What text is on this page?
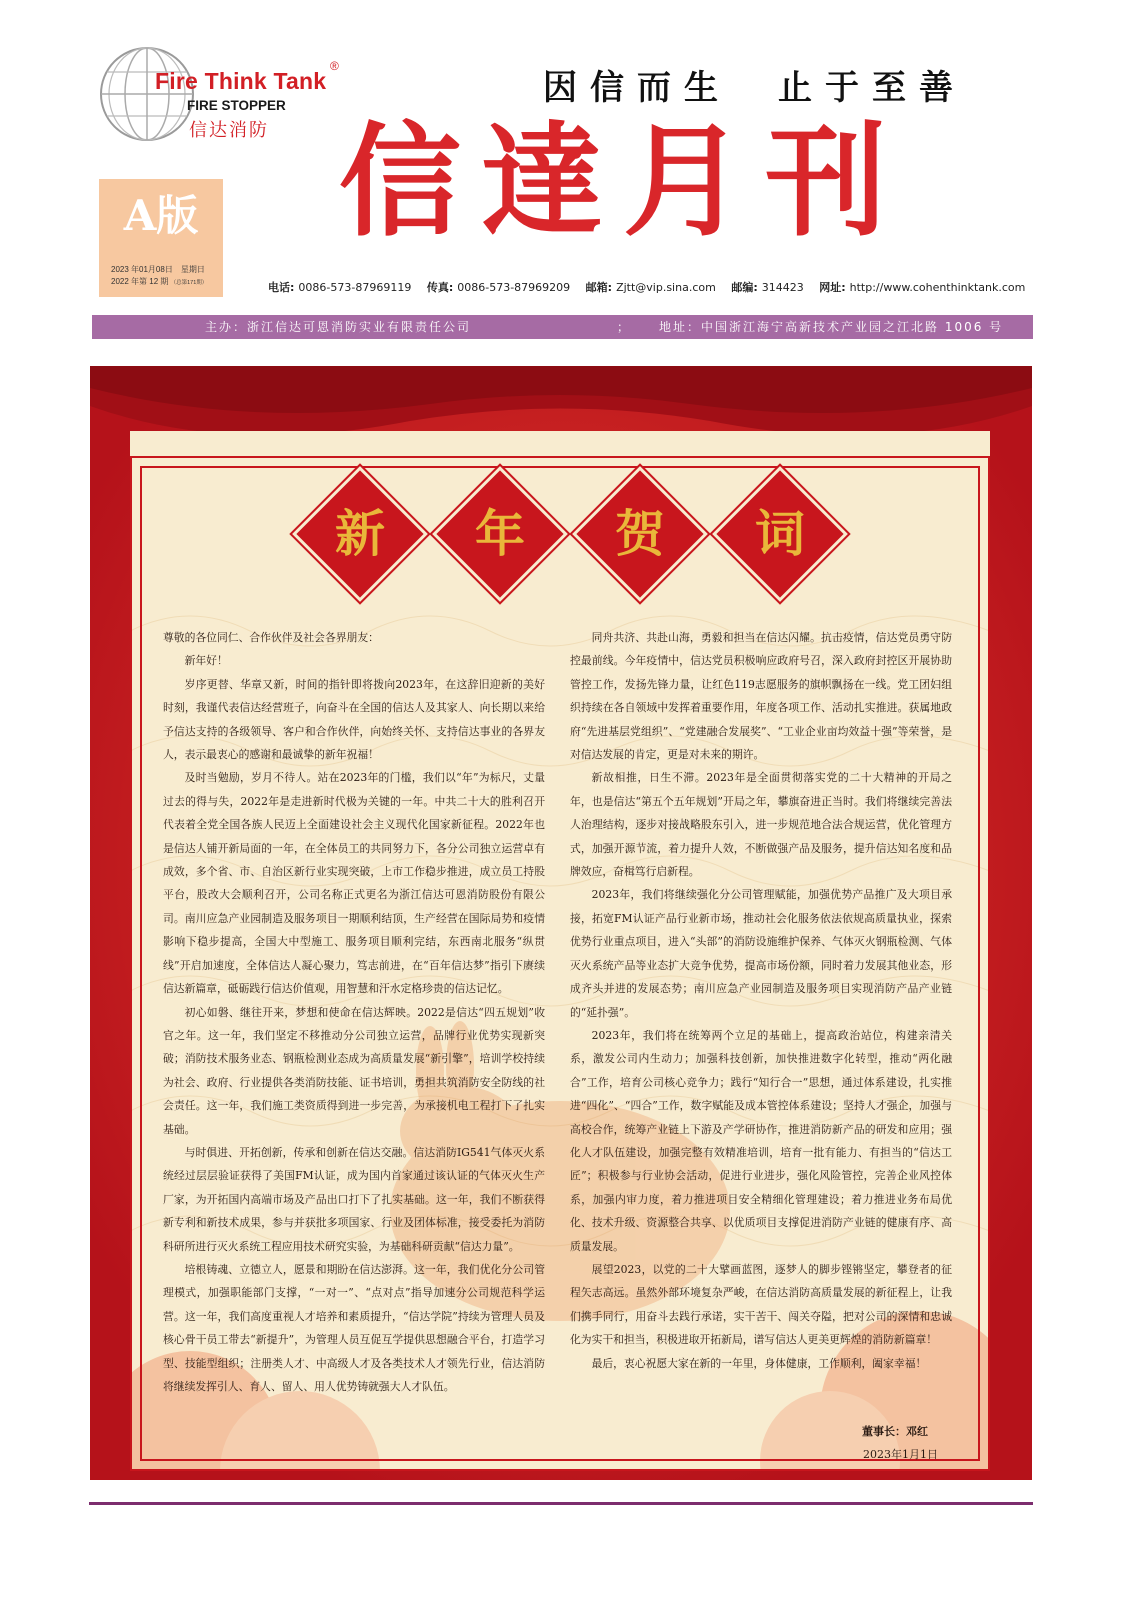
Fire Think Tank
®
FIRE STOPPER
信达消防
因信而生　止于至善
信達月刊
A版
2023 年01月08日　星期日
2022 年第 12 期 （总第171期）	电话: 0086-573-87969119 传真: 0086-573-87969209 邮箱: Zjtt@vip.sina.com 邮编: 314423 网址: http://www.cohenthinktank.com
主办：浙江信达可恩消防实业有限责任公司	； 地址：中国浙江海宁高新技术产业园之江北路 1006 号
新	年	贺	词

尊敬的各位同仁、合作伙伴及社会各界朋友：

新年好！

岁序更替、华章又新，时间的指针即将拨向2023年，在这辞旧迎新的美好时刻，我谨代表信达经营班子，向奋斗在全国的信达人及其家人、向长期以来给予信达支持的各级领导、客户和合作伙伴，向始终关怀、支持信达事业的各界友人，表示最衷心的感谢和最诚挚的新年祝福！

及时当勉励，岁月不待人。站在2023年的门槛，我们以“年”为标尺，丈量过去的得与失，2022年是走进新时代极为关键的一年。中共二十大的胜利召开代表着全党全国各族人民迈上全面建设社会主义现代化国家新征程。2022年也是信达人铺开新局面的一年，在全体员工的共同努力下，各分公司独立运营卓有成效，多个省、市、自治区新行业实现突破，上市工作稳步推进，成立员工持股平台，股改大会顺利召开，公司名称正式更名为浙江信达可恩消防股份有限公司。南川应急产业园制造及服务项目一期顺利结顶，生产经营在国际局势和疫情影响下稳步提高，全国大中型施工、服务项目顺利完结，东西南北服务“纵贯线”开启加速度，全体信达人凝心聚力，笃志前进，在“百年信达梦”指引下赓续信达新篇章，砥砺践行信达价值观，用智慧和汗水定格珍贵的信达记忆。

初心如磐、继往开来，梦想和使命在信达辉映。2022是信达“四五规划”收官之年。这一年，我们坚定不移推动分公司独立运营，品牌行业优势实现新突破；消防技术服务业态、钢瓶检测业态成为高质量发展“新引擎”，培训学校持续为社会、政府、行业提供各类消防技能、证书培训，勇担共筑消防安全防线的社会责任。这一年，我们施工类资质得到进一步完善，为承接机电工程打下了扎实基础。

与时俱进、开拓创新，传承和创新在信达交融。信达消防IG541气体灭火系统经过层层验证获得了美国FM认证，成为国内首家通过该认证的气体灭火生产厂家，为开拓国内高端市场及产品出口打下了扎实基础。这一年，我们不断获得新专利和新技术成果，参与并获批多项国家、行业及团体标准，接受委托为消防科研所进行灭火系统工程应用技术研究实验，为基础科研贡献“信达力量”。

培根铸魂、立德立人，愿景和期盼在信达澎湃。这一年，我们优化分公司管理模式，加强职能部门支撑，“一对一”、“点对点”指导加速分公司规范科学运营。这一年，我们高度重视人才培养和素质提升，“信达学院”持续为管理人员及核心骨干员工带去“新提升”，为管理人员互促互学提供思想融合平台，打造学习型、技能型组织；注册类人才、中高级人才及各类技术人才领先行业，信达消防将继续发挥引人、育人、留人、用人优势铸就强大人才队伍。

同舟共济、共赴山海，勇毅和担当在信达闪耀。抗击疫情，信达党员勇守防控最前线。今年疫情中，信达党员积极响应政府号召，深入政府封控区开展协助管控工作，发扬先锋力量，让红色119志愿服务的旗帜飘扬在一线。党工团妇组织持续在各自领域中发挥着重要作用，年度各项工作、活动扎实推进。获属地政府“先进基层党组织”、“党建融合发展奖”、“工业企业亩均效益十强”等荣誉，是对信达发展的肯定，更是对未来的期许。

新故相推，日生不滞。2023年是全面贯彻落实党的二十大精神的开局之年，也是信达“第五个五年规划”开局之年，攀旗奋进正当时。我们将继续完善法人治理结构，逐步对接战略股东引入，进一步规范地合法合规运营，优化管理方式，加强开源节流，着力提升人效，不断做强产品及服务，提升信达知名度和品牌效应，奋楫笃行启新程。

2023年，我们将继续强化分公司管理赋能，加强优势产品推广及大项目承接，拓宽FM认证产品行业新市场，推动社会化服务依法依规高质量执业，探索优势行业重点项目，进入“头部”的消防设施维护保养、气体灭火钢瓶检测、气体灭火系统产品等业态扩大竞争优势，提高市场份额，同时着力发展其他业态，形成齐头并进的发展态势；南川应急产业园制造及服务项目实现消防产品产业链的“延扑强”。

2023年，我们将在统筹两个立足的基础上，提高政治站位，构建亲清关系，激发公司内生动力；加强科技创新，加快推进数字化转型，推动“两化融合”工作，培育公司核心竞争力；践行“知行合一”思想，通过体系建设，扎实推进“四化”、“四合”工作，数字赋能及成本管控体系建设；坚持人才强企，加强与高校合作，统筹产业链上下游及产学研协作，推进消防新产品的研发和应用；强化人才队伍建设，加强完整有效精准培训，培育一批有能力、有担当的“信达工匠”；积极参与行业协会活动，促进行业进步，强化风险管控，完善企业风控体系，加强内审力度，着力推进项目安全精细化管理建设；着力推进业务布局优化、技术升级、资源整合共享、以优质项目支撑促进消防产业链的健康有序、高质量发展。

展望2023，以党的二十大擘画蓝图，逐梦人的脚步铿锵坚定，攀登者的征程矢志高远。虽然外部环境复杂严峻，在信达消防高质量发展的新征程上，让我们携手同行，用奋斗去践行承诺，实干苦干、闯关夺隘，把对公司的深情和忠诚化为实干和担当，积极进取开拓新局，谱写信达人更美更辉煌的消防新篇章！

最后，衷心祝愿大家在新的一年里，身体健康，工作顺利，阖家幸福！

董事长：邓红
2023年1月1日
